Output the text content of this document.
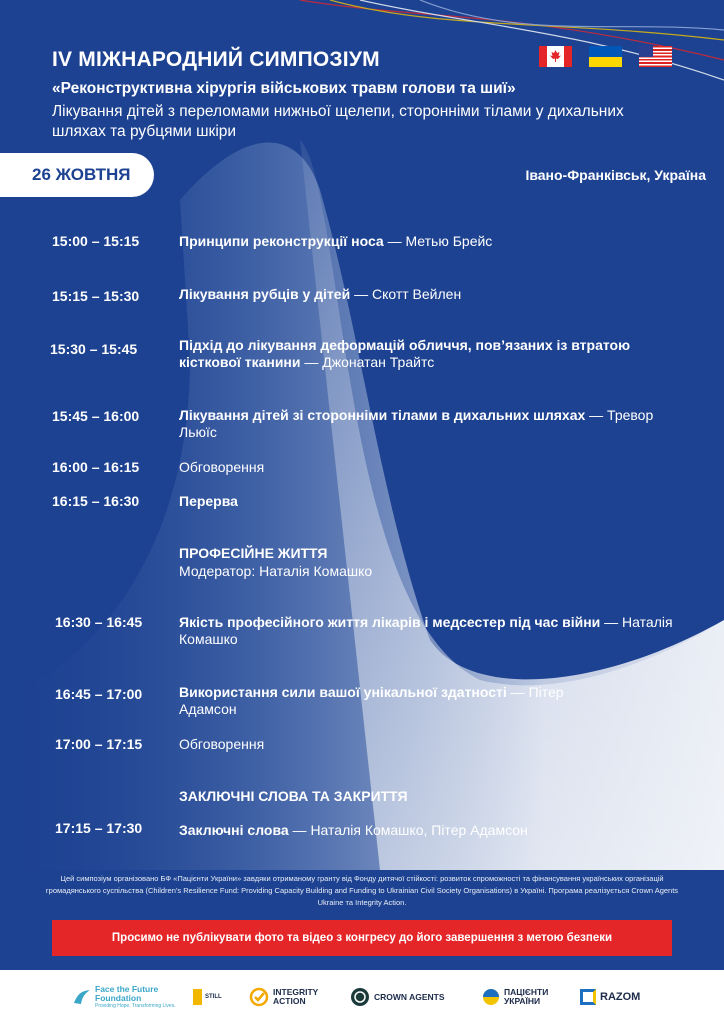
IV МІЖНАРОДНИЙ СИМПОЗІУМ
«Реконструктивна хірургія військових травм голови та шиї»
Лікування дітей з переломами нижньої щелепи, сторонніми тілами у дихальних шляхах та рубцями шкіри
26 ЖОВТНЯ	Івано-Франківськ, Україна
15:00 – 15:15	Принципи реконструкції носа — Метью Брейс
15:15 – 15:30	Лікування рубців у дітей — Скотт Вейлен
15:30 – 15:45	Підхід до лікування деформацій обличчя, пов’язаних із втратою кісткової тканини — Джонатан Трайтс
15:45 – 16:00	Лікування дітей зі сторонніми тілами в дихальних шляхах — Тревор Льюїс
16:00 – 16:15	Обговорення
16:15 – 16:30	Перерва
ПРОФЕСІЙНЕ ЖИТТЯ
Модератор: Наталія Комашко
16:30 – 16:45	Якість професійного життя лікарів і медсестер під час війни — Наталія Комашко
16:45 – 17:00	Використання сили вашої унікальної здатності — Пітер Адамсон
17:00 – 17:15	Обговорення
ЗАКЛЮЧНІ СЛОВА ТА ЗАКРИТТЯ
17:15 – 17:30	Заключні слова — Наталія Комашко, Пітер Адамсон
Цей симпозіум організовано БФ «Пацієнти України» завдяки отриманому гранту від Фонду дитячої стійкості: розвиток спроможності та фінансування українських організацій громадянського суспільства (Children’s Resilience Fund: Providing Capacity Building and Funding to Ukrainian Civil Society Organisations) в Україні. Програма реалізується Crown Agents Ukraine та Integrity Action.
Просимо не публікувати фото та відео з конгресу до його завершення з метою безпеки
Face the Future
Foundation
Providing Hope. Transforming Lives.
STILL	INTEGRITY
ACTION	CROWN AGENTS	ПАЦІЄНТИ
УКРАЇНИ	RAZOM
